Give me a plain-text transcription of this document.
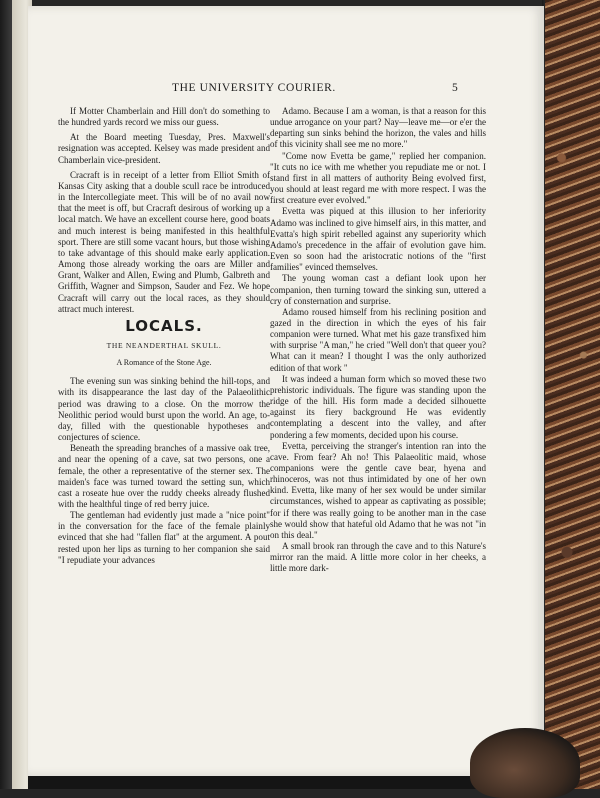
THE UNIVERSITY COURIER.	5

If Motter Chamberlain and Hill don't do something to the hundred yards record we miss our guess.

At the Board meeting Tuesday, Pres. Maxwell's resignation was accepted. Kelsey was made president and Chamberlain vice-president.

Cracraft is in receipt of a letter from Elliot Smith of Kansas City asking that a double scull race be introduced in the Intercollegiate meet. This will be of no avail now that the meet is off, but Cracraft desirous of working up a local match. We have an excellent course here, good boats and much interest is being manifested in this healthful sport. There are still some vacant hours, but those wishing to take advantage of this should make early application. Among those already working the oars are Miller and Grant, Walker and Allen, Ewing and Plumb, Galbreth and Griffith, Wagner and Simpson, Sauder and Fez. We hope Cracraft will carry out the local races, as they should attract much interest.

LOCALS.
THE NEANDERTHAL SKULL.
A Romance of the Stone Age.

The evening sun was sinking behind the hill-tops, and with its disappearance the last day of the Palaeolithic period was drawing to a close. On the morrow the Neolithic period would burst upon the world. An age, to-day, filled with the questionable hypotheses and conjectures of science.

Beneath the spreading branches of a massive oak tree, and near the opening of a cave, sat two persons, one a female, the other a representative of the sterner sex. The maiden's face was turned toward the setting sun, which cast a roseate hue over the ruddy cheeks already flushed with the healthful tinge of red berry juice.

The gentleman had evidently just made a "nice point" in the conversation for the face of the female plainly evinced that she had "fallen flat" at the argument. A pout rested upon her lips as turning to her companion she said "I repudiate your advances

Adamo. Because I am a woman, is that a reason for this undue arrogance on your part? Nay—leave me—or e'er the departing sun sinks behind the horizon, the vales and hills of this vicinity shall see me no more."

"Come now Evetta be game," replied her companion. "It cuts no ice with me whether you repudiate me or not. I stand first in all matters of authority Being evolved first, you should at least regard me with more respect. I was the first creature ever evolved."

Evetta was piqued at this illusion to her inferiority Adamo was inclined to give himself airs, in this matter, and Evatta's high spirit rebelled against any superiority which Adamo's precedence in the affair of evolution gave him. Even so soon had the aristocratic notions of the "first families" evinced themselves.

The young woman cast a defiant look upon her companion, then turning toward the sinking sun, uttered a cry of consternation and surprise.

Adamo roused himself from his reclining position and gazed in the direction in which the eyes of his fair companion were turned. What met his gaze transfixed him with surprise "A man," he cried "Well don't that queer you? What can it mean? I thought I was the only authorized edition of that work "

It was indeed a human form which so moved these two prehistoric individuals. The figure was standing upon the ridge of the hill. His form made a decided silhouette against its fiery background He was evidently contemplating a descent into the valley, and after pondering a few moments, decided upon his course.

Evetta, perceiving the stranger's intention ran into the cave. From fear? Ah no! This Palaeolitic maid, whose companions were the gentle cave bear, hyena and rhinoceros, was not thus intimidated by one of her own kind. Evetta, like many of her sex would be under similar circumstances, wished to appear as captivating as possible; for if there was really going to be another man in the case she would show that hateful old Adamo that he was not "in on this deal."

A small brook ran through the cave and to this Nature's mirror ran the maid. A little more color in her cheeks, a little more dark-
